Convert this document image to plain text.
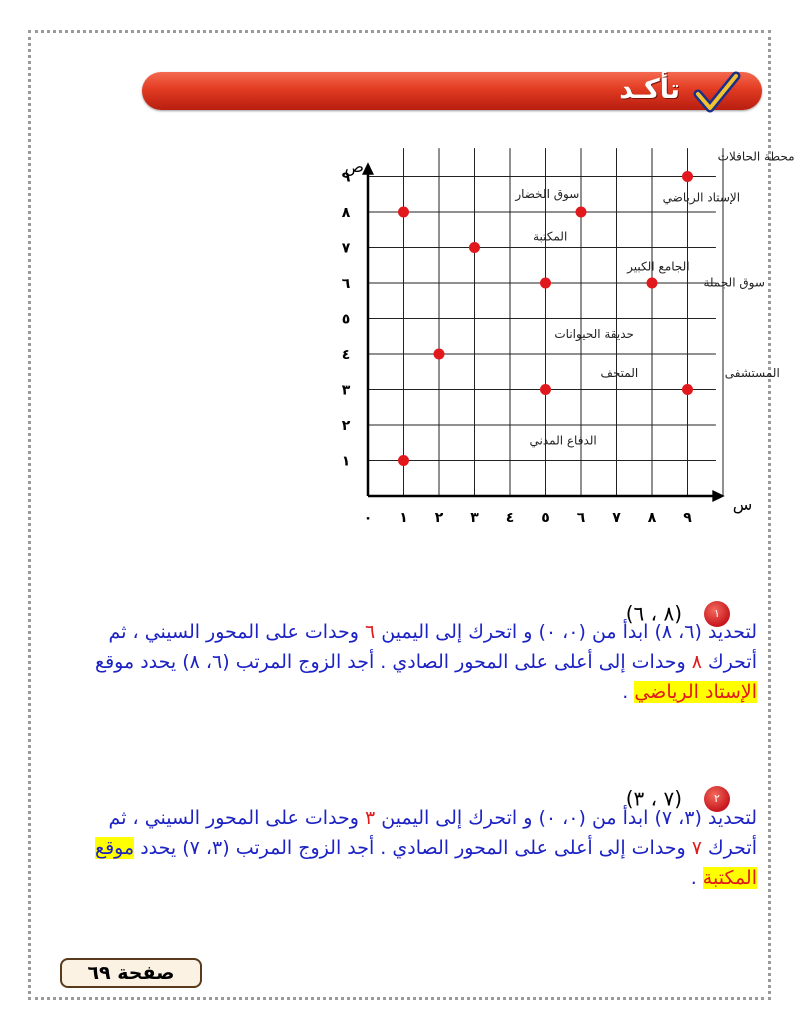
تأكـد
س
ص
٠ ١ ٢ ٣ ٤ ٥ ٦ ٧ ٨ ٩
١
٢
٣
٤
٥
٦
٧
٨
٩
محطة الحافلات
سوق الخضار	الإستاد الرياضي
المكتبة
الجامع الكبير
سوق الجملة
حديقة الحيوانات
المتحف	المستشفى
الدفاع المدني
١(٨ ، ٦)
لتحديد (٦، ٨) ابدأ من (٠، ٠) و اتحرك إلى اليمين ٦ وحدات على المحور السيني ، ثم أتحرك ٨ وحدات إلى أعلى على المحور الصادي . أجد الزوج المرتب (٦، ٨) يحدد موقع الإستاد الرياضي .
٢(٧ ، ٣)
لتحديد (٣، ٧) ابدأ من (٠، ٠) و اتحرك إلى اليمين ٣ وحدات على المحور السيني ، ثم أتحرك ٧ وحدات إلى أعلى على المحور الصادي . أجد الزوج المرتب (٣، ٧) يحدد موقع المكتبة .
صفحة ٦٩
